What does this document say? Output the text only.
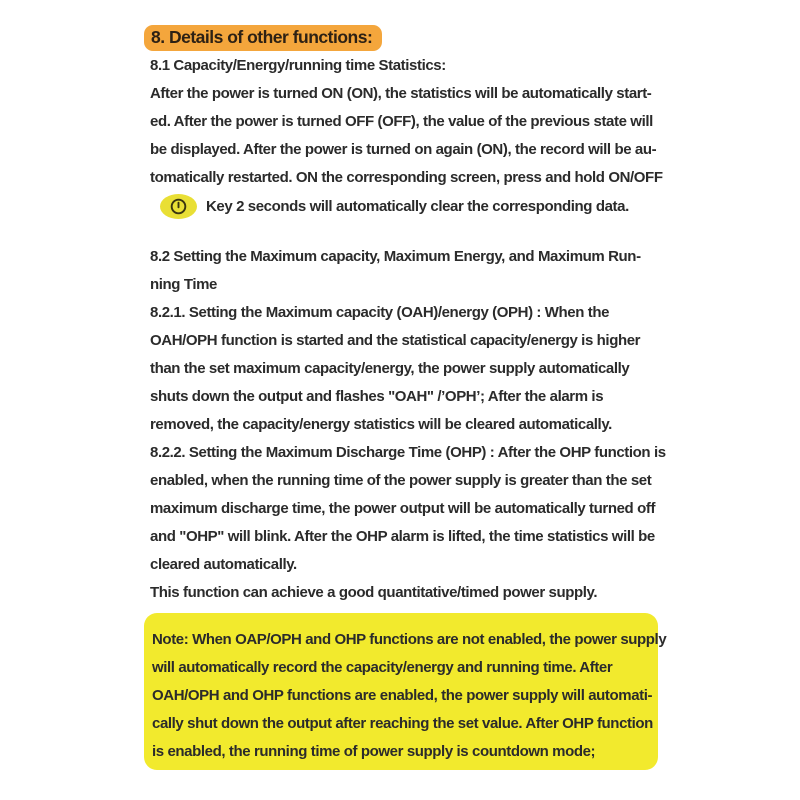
8. Details of other functions:
8.1 Capacity/Energy/running time Statistics:
After the power is turned ON (ON), the statistics will be automatically start-
ed. After the power is turned OFF (OFF), the value of the previous state will
be displayed. After the power is turned on again (ON), the record will be au-
tomatically restarted. ON the corresponding screen, press and hold ON/OFF
Key 2 seconds will automatically clear the corresponding data.
8.2 Setting the Maximum capacity, Maximum Energy, and Maximum Run-
ning Time
8.2.1. Setting the Maximum capacity (OAH)/energy (OPH) : When the
OAH/OPH function is started and the statistical capacity/energy is higher
than the set maximum capacity/energy, the power supply automatically
shuts down the output and flashes "OAH" /’OPH’; After the alarm is
removed, the capacity/energy statistics will be cleared automatically.
8.2.2. Setting the Maximum Discharge Time (OHP) : After the OHP function is
enabled, when the running time of the power supply is greater than the set
maximum discharge time, the power output will be automatically turned off
and "OHP" will blink. After the OHP alarm is lifted, the time statistics will be
cleared automatically.
This function can achieve a good quantitative/timed power supply.
Note: When OAP/OPH and OHP functions are not enabled, the power supply
will automatically record the capacity/energy and running time. After
OAH/OPH and OHP functions are enabled, the power supply will automati-
cally shut down the output after reaching the set value. After OHP function
is enabled, the running time of power supply is countdown mode;
